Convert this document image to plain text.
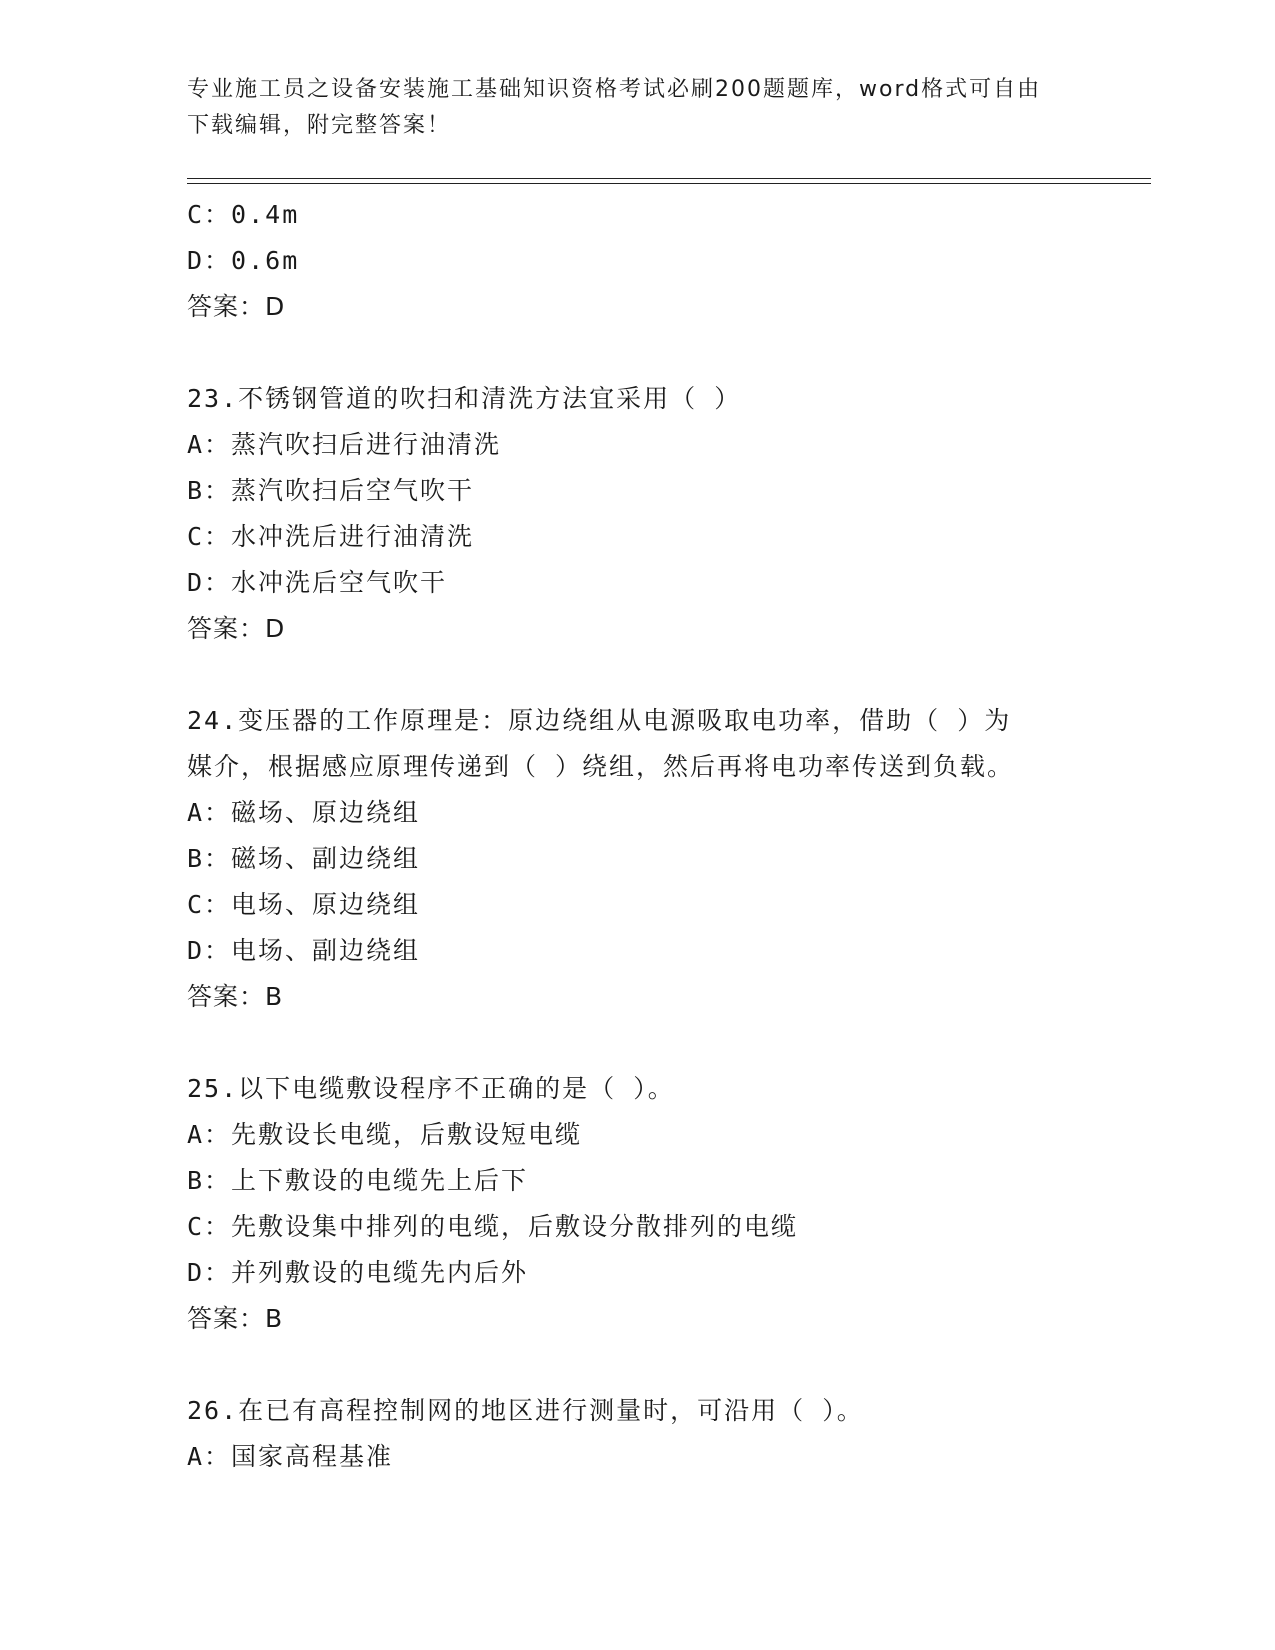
专业施工员之设备安装施工基础知识资格考试必刷200题题库，word格式可自由
下载编辑，附完整答案！
C：0.4m
D：0.6m
答案：D
23.不锈钢管道的吹扫和清洗方法宜采用（ ）
A：蒸汽吹扫后进行油清洗
B：蒸汽吹扫后空气吹干
C：水冲洗后进行油清洗
D：水冲洗后空气吹干
答案：D
24.变压器的工作原理是：原边绕组从电源吸取电功率，借助（ ）为
媒介，根据感应原理传递到（ ）绕组，然后再将电功率传送到负载。
A：磁场、原边绕组
B：磁场、副边绕组
C：电场、原边绕组
D：电场、副边绕组
答案：B
25.以下电缆敷设程序不正确的是（ ）。
A：先敷设长电缆，后敷设短电缆
B：上下敷设的电缆先上后下
C：先敷设集中排列的电缆，后敷设分散排列的电缆
D：并列敷设的电缆先内后外
答案：B
26.在已有高程控制网的地区进行测量时，可沿用（ ）。
A：国家高程基准
